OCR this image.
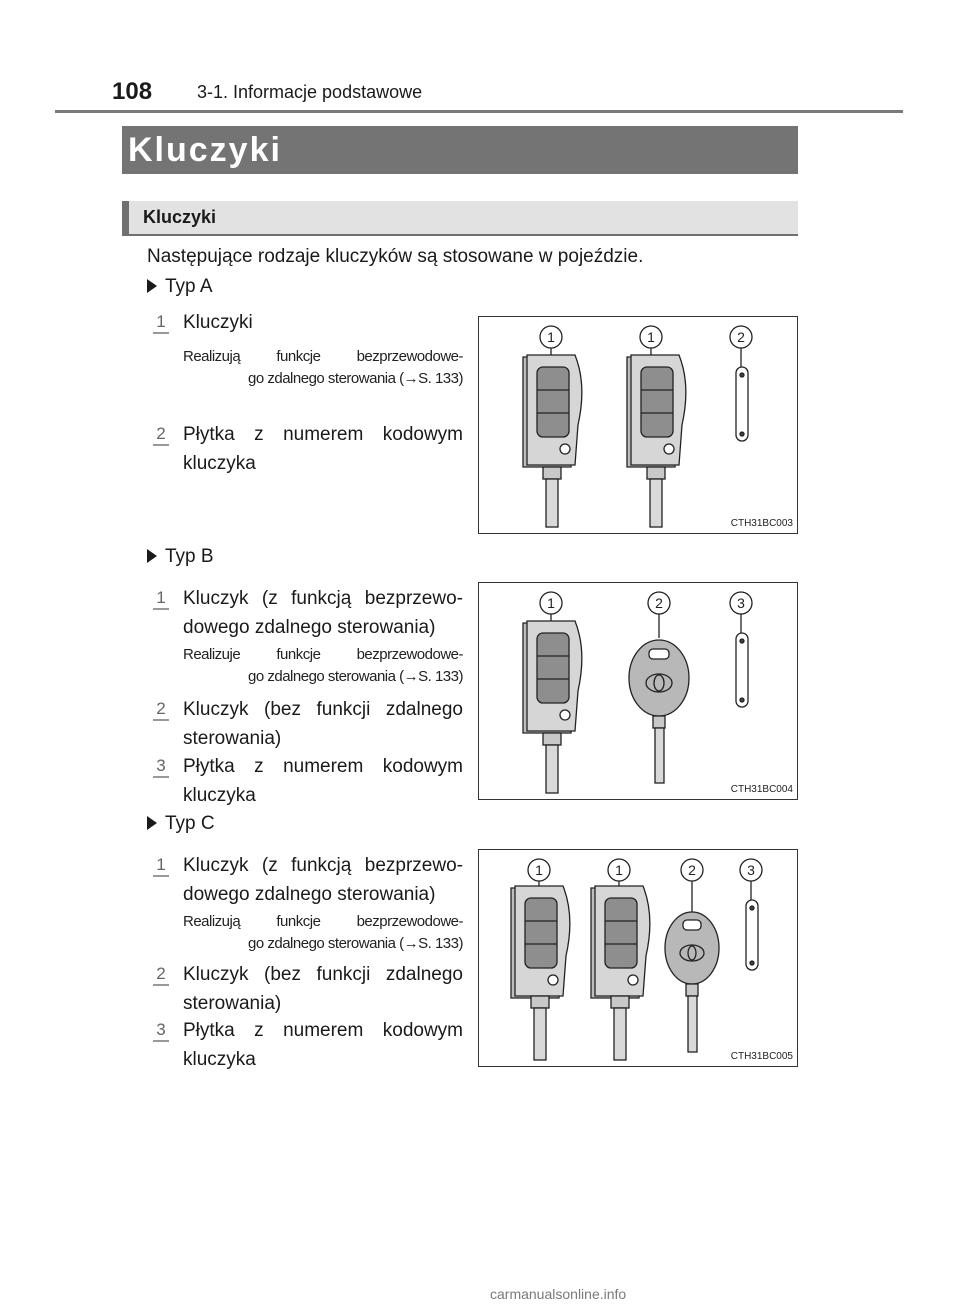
108 3-1. Informacje podstawowe
Kluczyki
Kluczyki
Następujące rodzaje kluczyków są stosowane w pojeździe.
Typ A
1 Kluczyki
Realizują funkcje bezprzewodowe-
go zdalnego sterowania (→S. 133)
2 Płytka z numerem kodowym
kluczyka
1	1	2
CTH31BC003
Typ B
1 Kluczyk (z funkcją bezprzewo-
dowego zdalnego sterowania)
Realizuje funkcje bezprzewodowe-
go zdalnego sterowania (→S. 133)
2 Kluczyk (bez funkcji zdalnego
sterowania)
3 Płytka z numerem kodowym
kluczyka
1	2	3
CTH31BC004
Typ C
1 Kluczyk (z funkcją bezprzewo-
dowego zdalnego sterowania)
Realizują funkcje bezprzewodowe-
go zdalnego sterowania (→S. 133)
2 Kluczyk (bez funkcji zdalnego
sterowania)
3 Płytka z numerem kodowym
kluczyka
1	1	2	3
CTH31BC005
carmanualsonline.info
